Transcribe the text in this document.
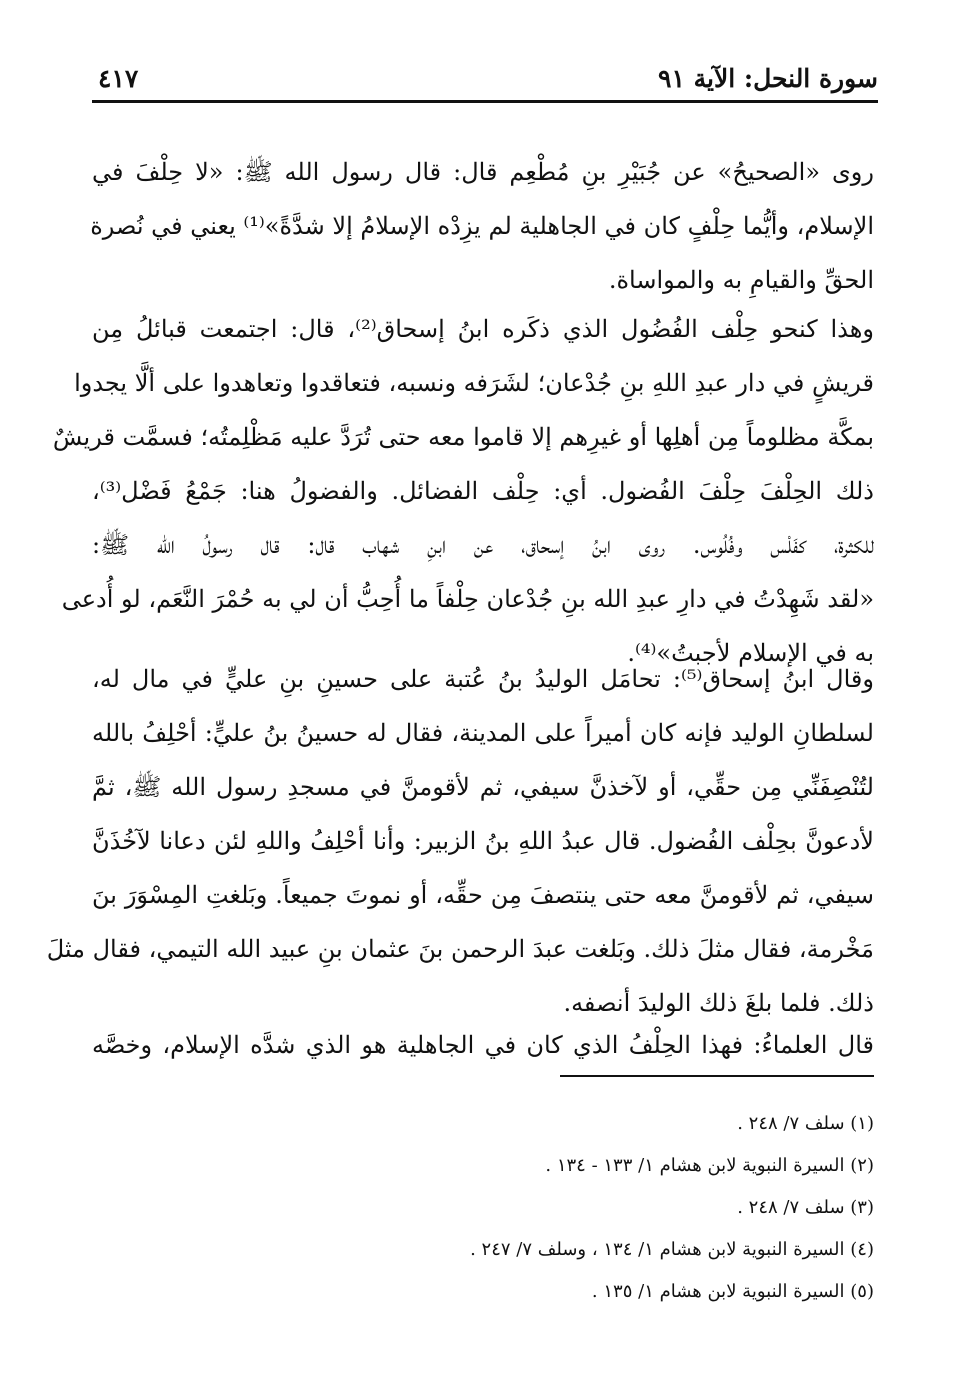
سورة النحل: الآية ٩١
٤١٧
روى «الصحيحُ» عن جُبَيْرِ بنِ مُطْعِم قال: قال رسول الله ﷺ: «لا حِلْفَ في
الإسلام، وأيُّما حِلْفٍ كان في الجاهلية لم يزِدْه الإسلامُ إلا شدَّةً»⁽¹⁾ يعني في نُصرة
الحقِّ والقيامِ به والمواساة.
وهذا كنحو حِلْف الفُضُول الذي ذكَره ابنُ إسحاق⁽²⁾، قال: اجتمعت قبائلُ مِن
قريشٍ في دار عبدِ اللهِ بنِ جُدْعان؛ لشَرَفه ونسبه، فتعاقدوا وتعاهدوا على ألَّا يجدوا
بمكَّة مظلوماً مِن أهلِها أو غيرِهم إلا قاموا معه حتى تُرَدَّ عليه مَظْلِمتُه؛ فسمَّت قريشٌ
ذلك الحِلْفَ حِلْفَ الفُضول. أي: حِلْف الفضائل. والفضولُ هنا: جَمْعُ فَضْل⁽³⁾،
للكثرة، كفَلْس وفُلُوس. روى ابنُ إسحاق، عن ابنِ شهاب قال: قال رسولُ الله ﷺ:
«لقد شَهِدْتُ في دارِ عبدِ الله بنِ جُدْعان حِلْفاً ما أُحِبُّ أن لي به حُمْرَ النَّعَم، لو أُدعى
به في الإسلام لأجبتُ»⁽⁴⁾.
وقال ابنُ إسحاق⁽⁵⁾: تحامَل الوليدُ بنُ عُتبة على حسينِ بنِ عليٍّ في مال له،
لسلطانِ الوليد فإنه كان أميراً على المدينة، فقال له حسينُ بنُ عليٍّ: أحْلِفُ بالله
لتُنْصِفَنِّي مِن حقِّي، أو لآخذنَّ سيفي، ثم لأقومنَّ في مسجدِ رسول الله ﷺ، ثمَّ
لأدعونَّ بحِلْف الفُضول. قال عبدُ اللهِ بنُ الزبير: وأنا أحْلِفُ واللهِ لئن دعانا لآخُذَنَّ
سيفي، ثم لأقومنَّ معه حتى ينتصفَ مِن حقِّه، أو نموتَ جميعاً. وبَلغتِ المِسْوَرَ بنَ
مَخْرمة، فقال مثلَ ذلك. وبَلغت عبدَ الرحمن بنَ عثمان بنِ عبيد الله التيمي، فقال مثلَ
ذلك. فلما بلغَ ذلك الوليدَ أنصفه.
قال العلماءُ: فهذا الحِلْفُ الذي كان في الجاهلية هو الذي شدَّه الإسلام، وخصَّه
(١) سلف ٧/ ٢٤٨ .
(٢) السيرة النبوية لابن هشام ١/ ١٣٣ - ١٣٤ .
(٣) سلف ٧/ ٢٤٨ .
(٤) السيرة النبوية لابن هشام ١/ ١٣٤ ، وسلف ٧/ ٢٤٧ .
(٥) السيرة النبوية لابن هشام ١/ ١٣٥ .
